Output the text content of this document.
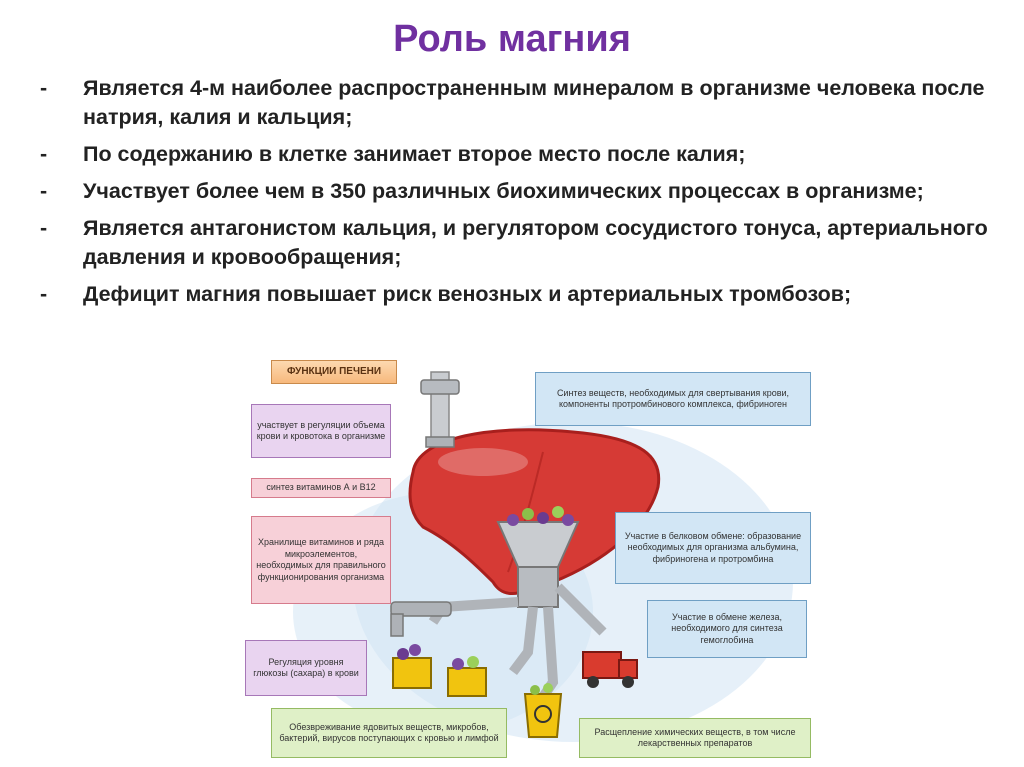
Роль магния
- Является 4-м наиболее распространенным минералом в организме человека после натрия, калия и кальция;
- По содержанию в клетке занимает второе место после калия;
- Участвует более чем в 350 различных биохимических процессах в организме;
- Является антагонистом кальция, и регулятором сосудистого тонуса, артериального давления и кровообращения;
- Дефицит магния повышает риск венозных и артериальных тромбозов;
ФУНКЦИИ ПЕЧЕНИ
участвует в регуляции объема крови и кровотока в организме
синтез витаминов А и В12
Хранилище витаминов и ряда микроэлементов, необходимых для правильного функционирования организма
Регуляция уровня глюкозы (сахара) в крови
Синтез веществ, необходимых для свертывания крови, компоненты протромбинового комплекса, фибриноген
Участие в белковом обмене: образование необходимых для организма альбумина, фибриногена и протромбина
Участие в обмене железа, необходимого для синтеза гемоглобина
Обезвреживание ядовитых веществ, микробов, бактерий, вирусов поступающих с кровью и лимфой
Расщепление химических веществ, в том числе лекарственных препаратов
